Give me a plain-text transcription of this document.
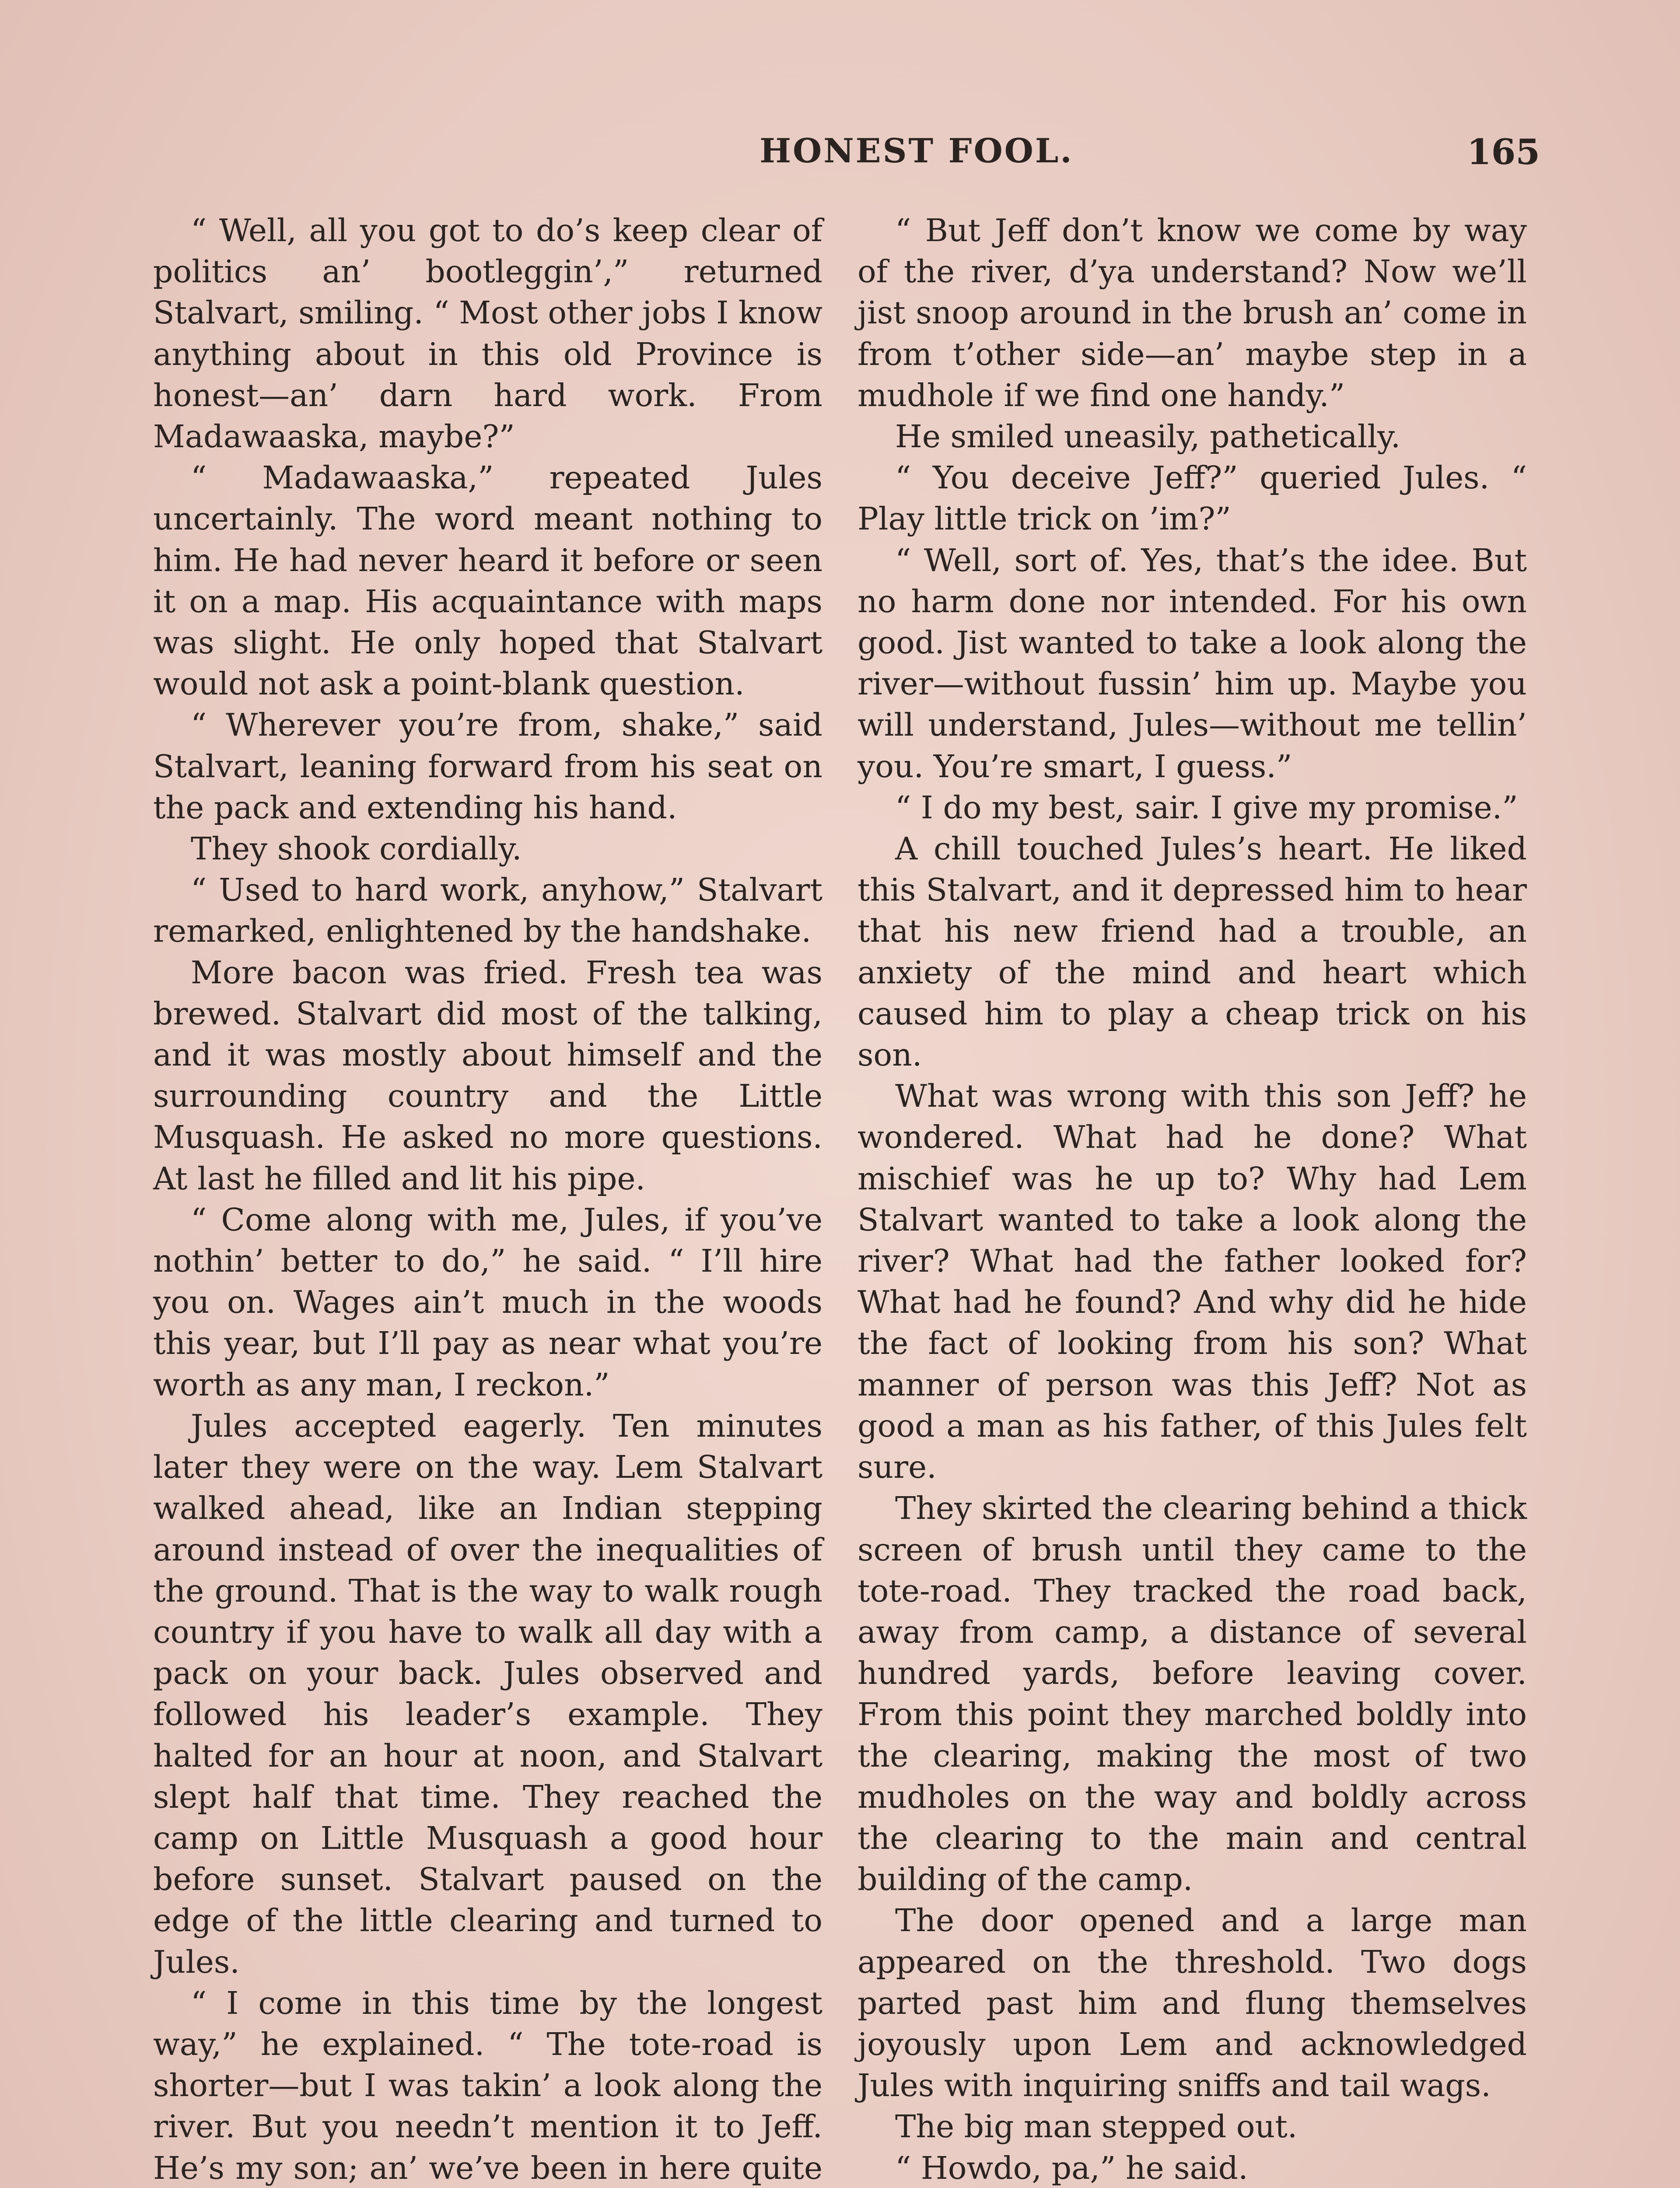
HONEST FOOL.	165

“ Well, all you got to do’s keep clear of politics an’ bootleggin’,” returned Stalvart, smiling. “ Most other jobs I know anything about in this old Province is honest—an’ darn hard work. From Madawaaska, maybe?”

“ Madawaaska,” repeated Jules uncertainly. The word meant nothing to him. He had never heard it before or seen it on a map. His acquaintance with maps was slight. He only hoped that Stalvart would not ask a point-blank question.

“ Wherever you’re from, shake,” said Stalvart, leaning forward from his seat on the pack and extending his hand.

They shook cordially.

“ Used to hard work, anyhow,” Stalvart remarked, enlightened by the handshake.

More bacon was fried. Fresh tea was brewed. Stalvart did most of the talking, and it was mostly about himself and the surrounding country and the Little Musquash. He asked no more questions. At last he filled and lit his pipe.

“ Come along with me, Jules, if you’ve nothin’ better to do,” he said. “ I’ll hire you on. Wages ain’t much in the woods this year, but I’ll pay as near what you’re worth as any man, I reckon.”

Jules accepted eagerly. Ten minutes later they were on the way. Lem Stalvart walked ahead, like an Indian stepping around instead of over the inequalities of the ground. That is the way to walk rough country if you have to walk all day with a pack on your back. Jules observed and followed his leader’s example. They halted for an hour at noon, and Stalvart slept half that time. They reached the camp on Little Musquash a good hour before sunset. Stalvart paused on the edge of the little clearing and turned to Jules.

“ I come in this time by the longest way,” he explained. “ The tote-road is shorter—but I was takin’ a look along the river. But you needn’t mention it to Jeff. He’s my son; an’ we’ve been in here quite

“ But Jeff don’t know we come by way of the river, d’ya understand? Now we’ll jist snoop around in the brush an’ come in from t’other side—an’ maybe step in a mudhole if we find one handy.”

He smiled uneasily, pathetically.

“ You deceive Jeff?” queried Jules. “ Play little trick on ’im?”

“ Well, sort of. Yes, that’s the idee. But no harm done nor intended. For his own good. Jist wanted to take a look along the river—without fussin’ him up. Maybe you will understand, Jules—without me tellin’ you. You’re smart, I guess.”

“ I do my best, sair. I give my promise.”

A chill touched Jules’s heart. He liked this Stalvart, and it depressed him to hear that his new friend had a trouble, an anxiety of the mind and heart which caused him to play a cheap trick on his son.

What was wrong with this son Jeff? he wondered. What had he done? What mischief was he up to? Why had Lem Stalvart wanted to take a look along the river? What had the father looked for? What had he found? And why did he hide the fact of looking from his son? What manner of person was this Jeff? Not as good a man as his father, of this Jules felt sure.

They skirted the clearing behind a thick screen of brush until they came to the tote-road. They tracked the road back, away from camp, a distance of several hundred yards, before leaving cover. From this point they marched boldly into the clearing, making the most of two mudholes on the way and boldly across the clearing to the main and central building of the camp.

The door opened and a large man appeared on the threshold. Two dogs parted past him and flung themselves joyously upon Lem and acknowledged Jules with inquiring sniffs and tail wags.

The big man stepped out.

“ Howdo, pa,” he said.
